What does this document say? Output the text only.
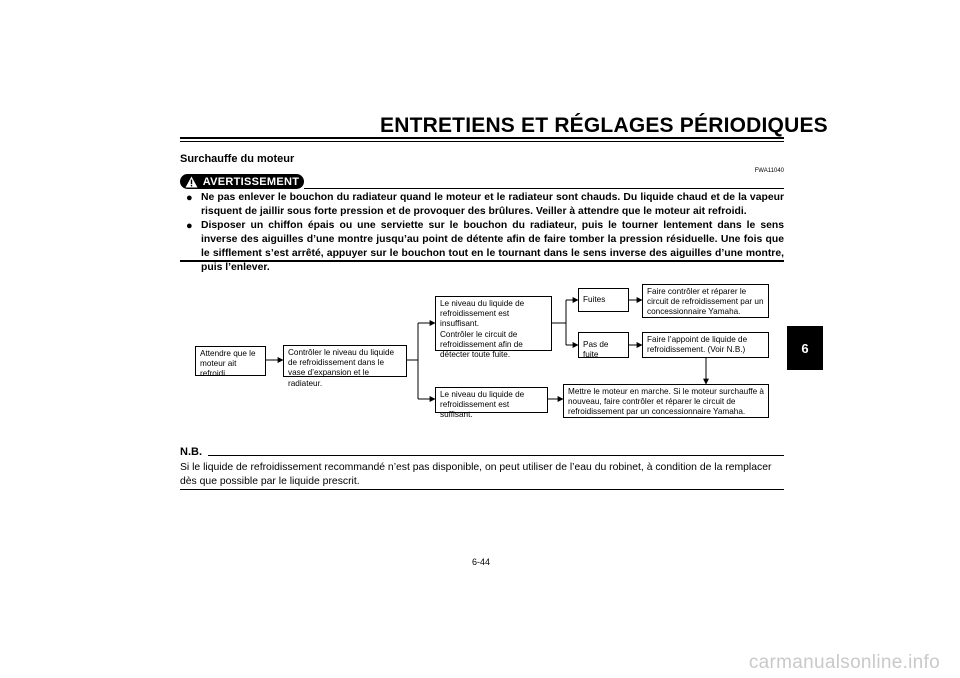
ENTRETIENS ET RÉGLAGES PÉRIODIQUES
Surchauffe du moteur
FWA11040
AVERTISSEMENT
● Ne pas enlever le bouchon du radiateur quand le moteur et le radiateur sont chauds. Du liquide chaud et de la vapeur risquent de jaillir sous forte pression et de provoquer des brûlures. Veiller à attendre que le moteur ait refroidi.
● Disposer un chiffon épais ou une serviette sur le bouchon du radiateur, puis le tourner lentement dans le sens inverse des aiguilles d’une montre jusqu’au point de détente afin de faire tomber la pression résiduelle. Une fois que le sifflement s’est arrêté, appuyer sur le bouchon tout en le tournant dans le sens inverse des aiguilles d’une montre, puis l’enlever.
6
Attendre que le
moteur ait refroidi.
Contrôler le niveau du liquide
de refroidissement dans le
vase d’expansion et le radiateur.
Le niveau du liquide de
refroidissement est insuffisant.
Contrôler le circuit de
refroidissement afin de
détecter toute fuite.
Le niveau du liquide de
refroidissement est suffisant.
Fuites
Pas de fuite
Faire contrôler et réparer le
circuit de refroidissement par un
concessionnaire Yamaha.
Faire l’appoint de liquide de
refroidissement. (Voir N.B.)
Mettre le moteur en marche. Si le moteur surchauffe à
nouveau, faire contrôler et réparer le circuit de
refroidissement par un concessionnaire Yamaha.
N.B.
Si le liquide de refroidissement recommandé n’est pas disponible, on peut utiliser de l’eau du robinet, à condition de la remplacer dès que possible par le liquide prescrit.
6-44
carmanualsonline.info
